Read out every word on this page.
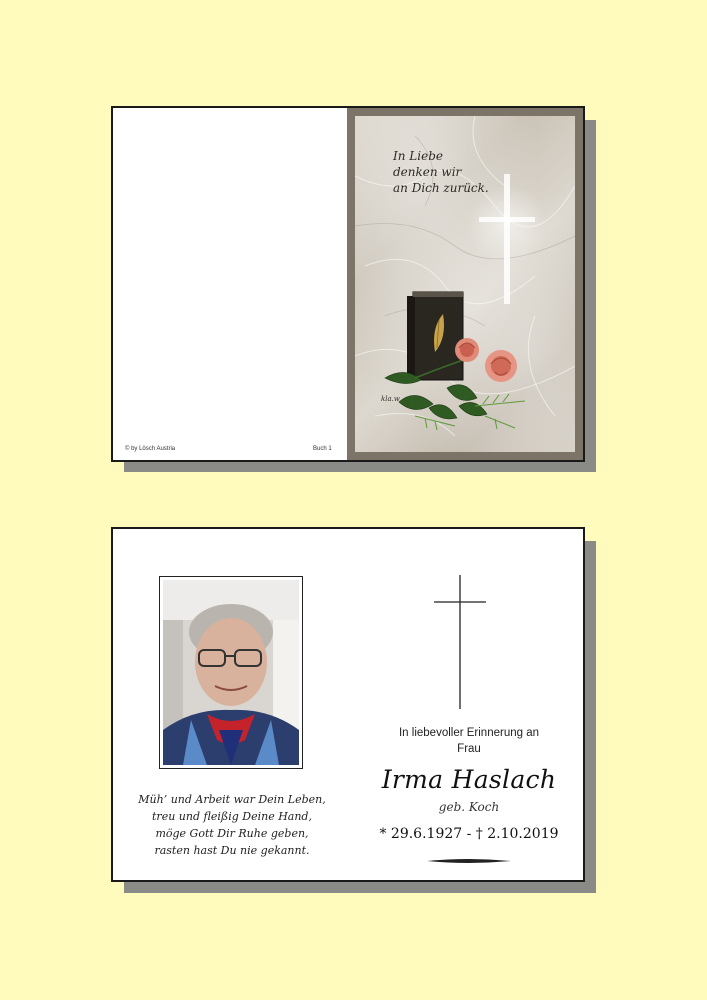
© by Lösch Austria	Buch 1
kla.w

In Liebe
denken wir
an Dich zurück.

Müh’ und Arbeit war Dein Leben,
treu und fleißig Deine Hand,
möge Gott Dir Ruhe geben,
rasten hast Du nie gekannt.
In liebevoller Erinnerung an
Frau
Irma Haslach
geb. Koch
* 29.6.1927 - † 2.10.2019
